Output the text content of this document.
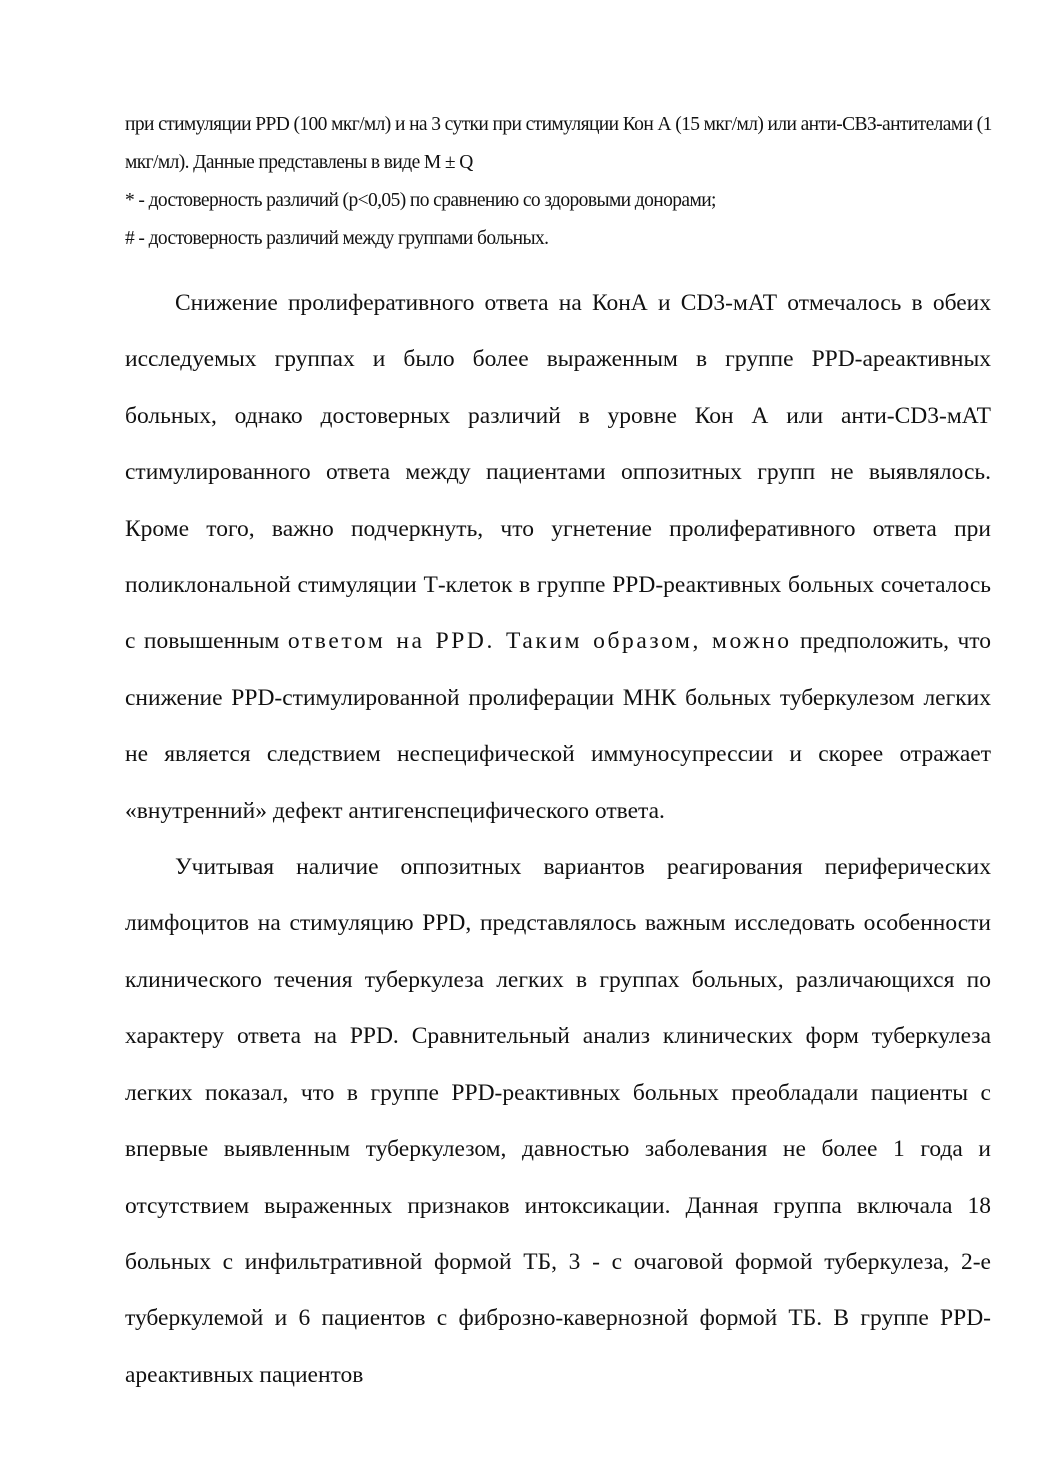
при стимуляции PPD (100 мкг/мл) и на 3 сутки при стимуляции Кон А (15 мкг/мл) или анти-СВЗ-антителами (1 мкг/мл). Данные представлены в виде M ± Q

* - достоверность различий (p<0,05) по сравнению со здоровыми донорами;

# - достоверность различий между группами больных.

Снижение пролиферативного ответа на КонА и CD3-мАТ отмечалось в обеих исследуемых группах и было более выраженным в группе PPD-ареактивных больных, однако достоверных различий в уровне Кон А или анти-CD3-мАТ стимулированного ответа между пациентами оппозитных групп не выявлялось. Кроме того, важно подчеркнуть, что угнетение пролиферативного ответа при поликлональной стимуляции Т-клеток в группе PPD-реактивных больных сочеталось с повышенным ответом на PPD. Таким образом, можно предположить, что снижение PPD-стимулированной пролиферации МНК больных туберкулезом легких не является следствием неспецифической иммуносупрессии и скорее отражает «внутренний» дефект антигенспецифического ответа.

Учитывая наличие оппозитных вариантов реагирования периферических лимфоцитов на стимуляцию PPD, представлялось важным исследовать особенности клинического течения туберкулеза легких в группах больных, различающихся по характеру ответа на PPD. Сравнительный анализ клинических форм туберкулеза легких показал, что в группе PPD-реактивных больных преобладали пациенты с впервые выявленным туберкулезом, давностью заболевания не более 1 года и отсутствием выраженных признаков интоксикации. Данная группа включала 18 больных с инфильтративной формой ТБ, 3 - с очаговой формой туберкулеза, 2-е туберкулемой и 6 пациентов с фиброзно-кавернозной формой ТБ. В группе PPD-ареактивных пациентов
